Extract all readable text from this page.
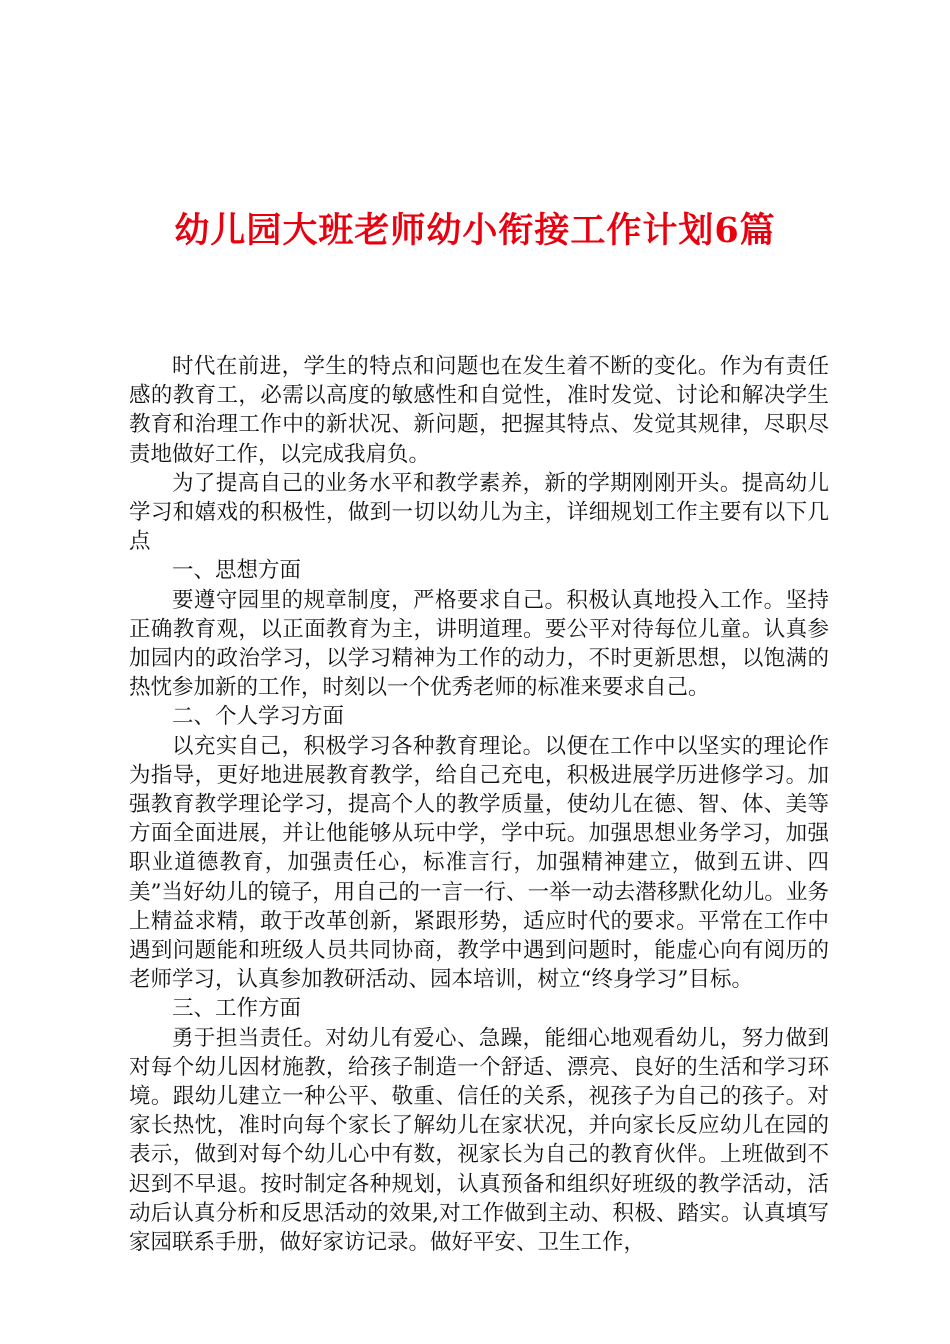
幼儿园大班老师幼小衔接工作计划6篇

时代在前进，学生的特点和问题也在发生着不断的变化。作为有责任感的教育工，必需以高度的敏感性和自觉性，准时发觉、讨论和解决学生教育和治理工作中的新状况、新问题，把握其特点、发觉其规律，尽职尽责地做好工作，以完成我肩负。

为了提高自己的业务水平和教学素养，新的学期刚刚开头。提高幼儿学习和嬉戏的积极性，做到一切以幼儿为主，详细规划工作主要有以下几点

一、思想方面

要遵守园里的规章制度，严格要求自己。积极认真地投入工作。坚持正确教育观，以正面教育为主，讲明道理。要公平对待每位儿童。认真参加园内的政治学习，以学习精神为工作的动力，不时更新思想，以饱满的热忱参加新的工作，时刻以一个优秀老师的标准来要求自己。

二、个人学习方面

以充实自己，积极学习各种教育理论。以便在工作中以坚实的理论作为指导，更好地进展教育教学，给自己充电，积极进展学历进修学习。加强教育教学理论学习，提高个人的教学质量，使幼儿在德、智、体、美等方面全面进展，并让他能够从玩中学，学中玩。加强思想业务学习，加强职业道德教育，加强责任心，标准言行，加强精神建立，做到五讲、四美”当好幼儿的镜子，用自己的一言一行、一举一动去潜移默化幼儿。业务上精益求精，敢于改革创新，紧跟形势，适应时代的要求。平常在工作中遇到问题能和班级人员共同协商，教学中遇到问题时，能虚心向有阅历的老师学习，认真参加教研活动、园本培训，树立“终身学习”目标。

三、工作方面

勇于担当责任。对幼儿有爱心、急躁，能细心地观看幼儿，努力做到对每个幼儿因材施教，给孩子制造一个舒适、漂亮、良好的生活和学习环境。跟幼儿建立一种公平、敬重、信任的关系，视孩子为自己的孩子。对家长热忱，准时向每个家长了解幼儿在家状况，并向家长反应幼儿在园的表示，做到对每个幼儿心中有数，视家长为自己的教育伙伴。上班做到不迟到不早退。按时制定各种规划，认真预备和组织好班级的教学活动，活动后认真分析和反思活动的效果,对工作做到主动、积极、踏实。认真填写家园联系手册，做好家访记录。做好平安、卫生工作，
